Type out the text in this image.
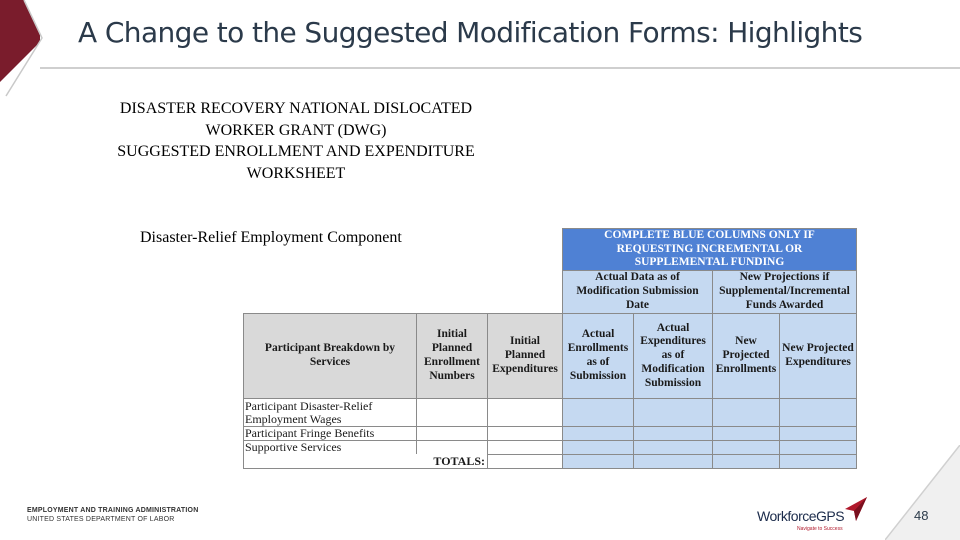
A Change to the Suggested Modification Forms: Highlights
DISASTER RECOVERY NATIONAL DISLOCATED
WORKER GRANT (DWG)
SUGGESTED ENROLLMENT AND EXPENDITURE
WORKSHEET
Disaster-Relief Employment Component	COMPLETE BLUE COLUMNS ONLY IF REQUESTING INCREMENTAL OR SUPPLEMENTAL FUNDING
Actual Data as of Modification Submission Date
New Projections if Supplemental/Incremental Funds Awarded
Participant Breakdown by Services
Initial Planned Enrollment Numbers
Initial Planned Expenditures
Actual Enrollments as of Submission
Actual Expenditures as of Modification Submission
New Projected Enrollments
New Projected Expenditures
Participant Disaster-Relief Employment Wages
Participant Fringe Benefits
Supportive Services
TOTALS:
EMPLOYMENT AND TRAINING ADMINISTRATION
UNITED STATES DEPARTMENT OF LABOR	WorkforceGPS
Navigate to Success
48
